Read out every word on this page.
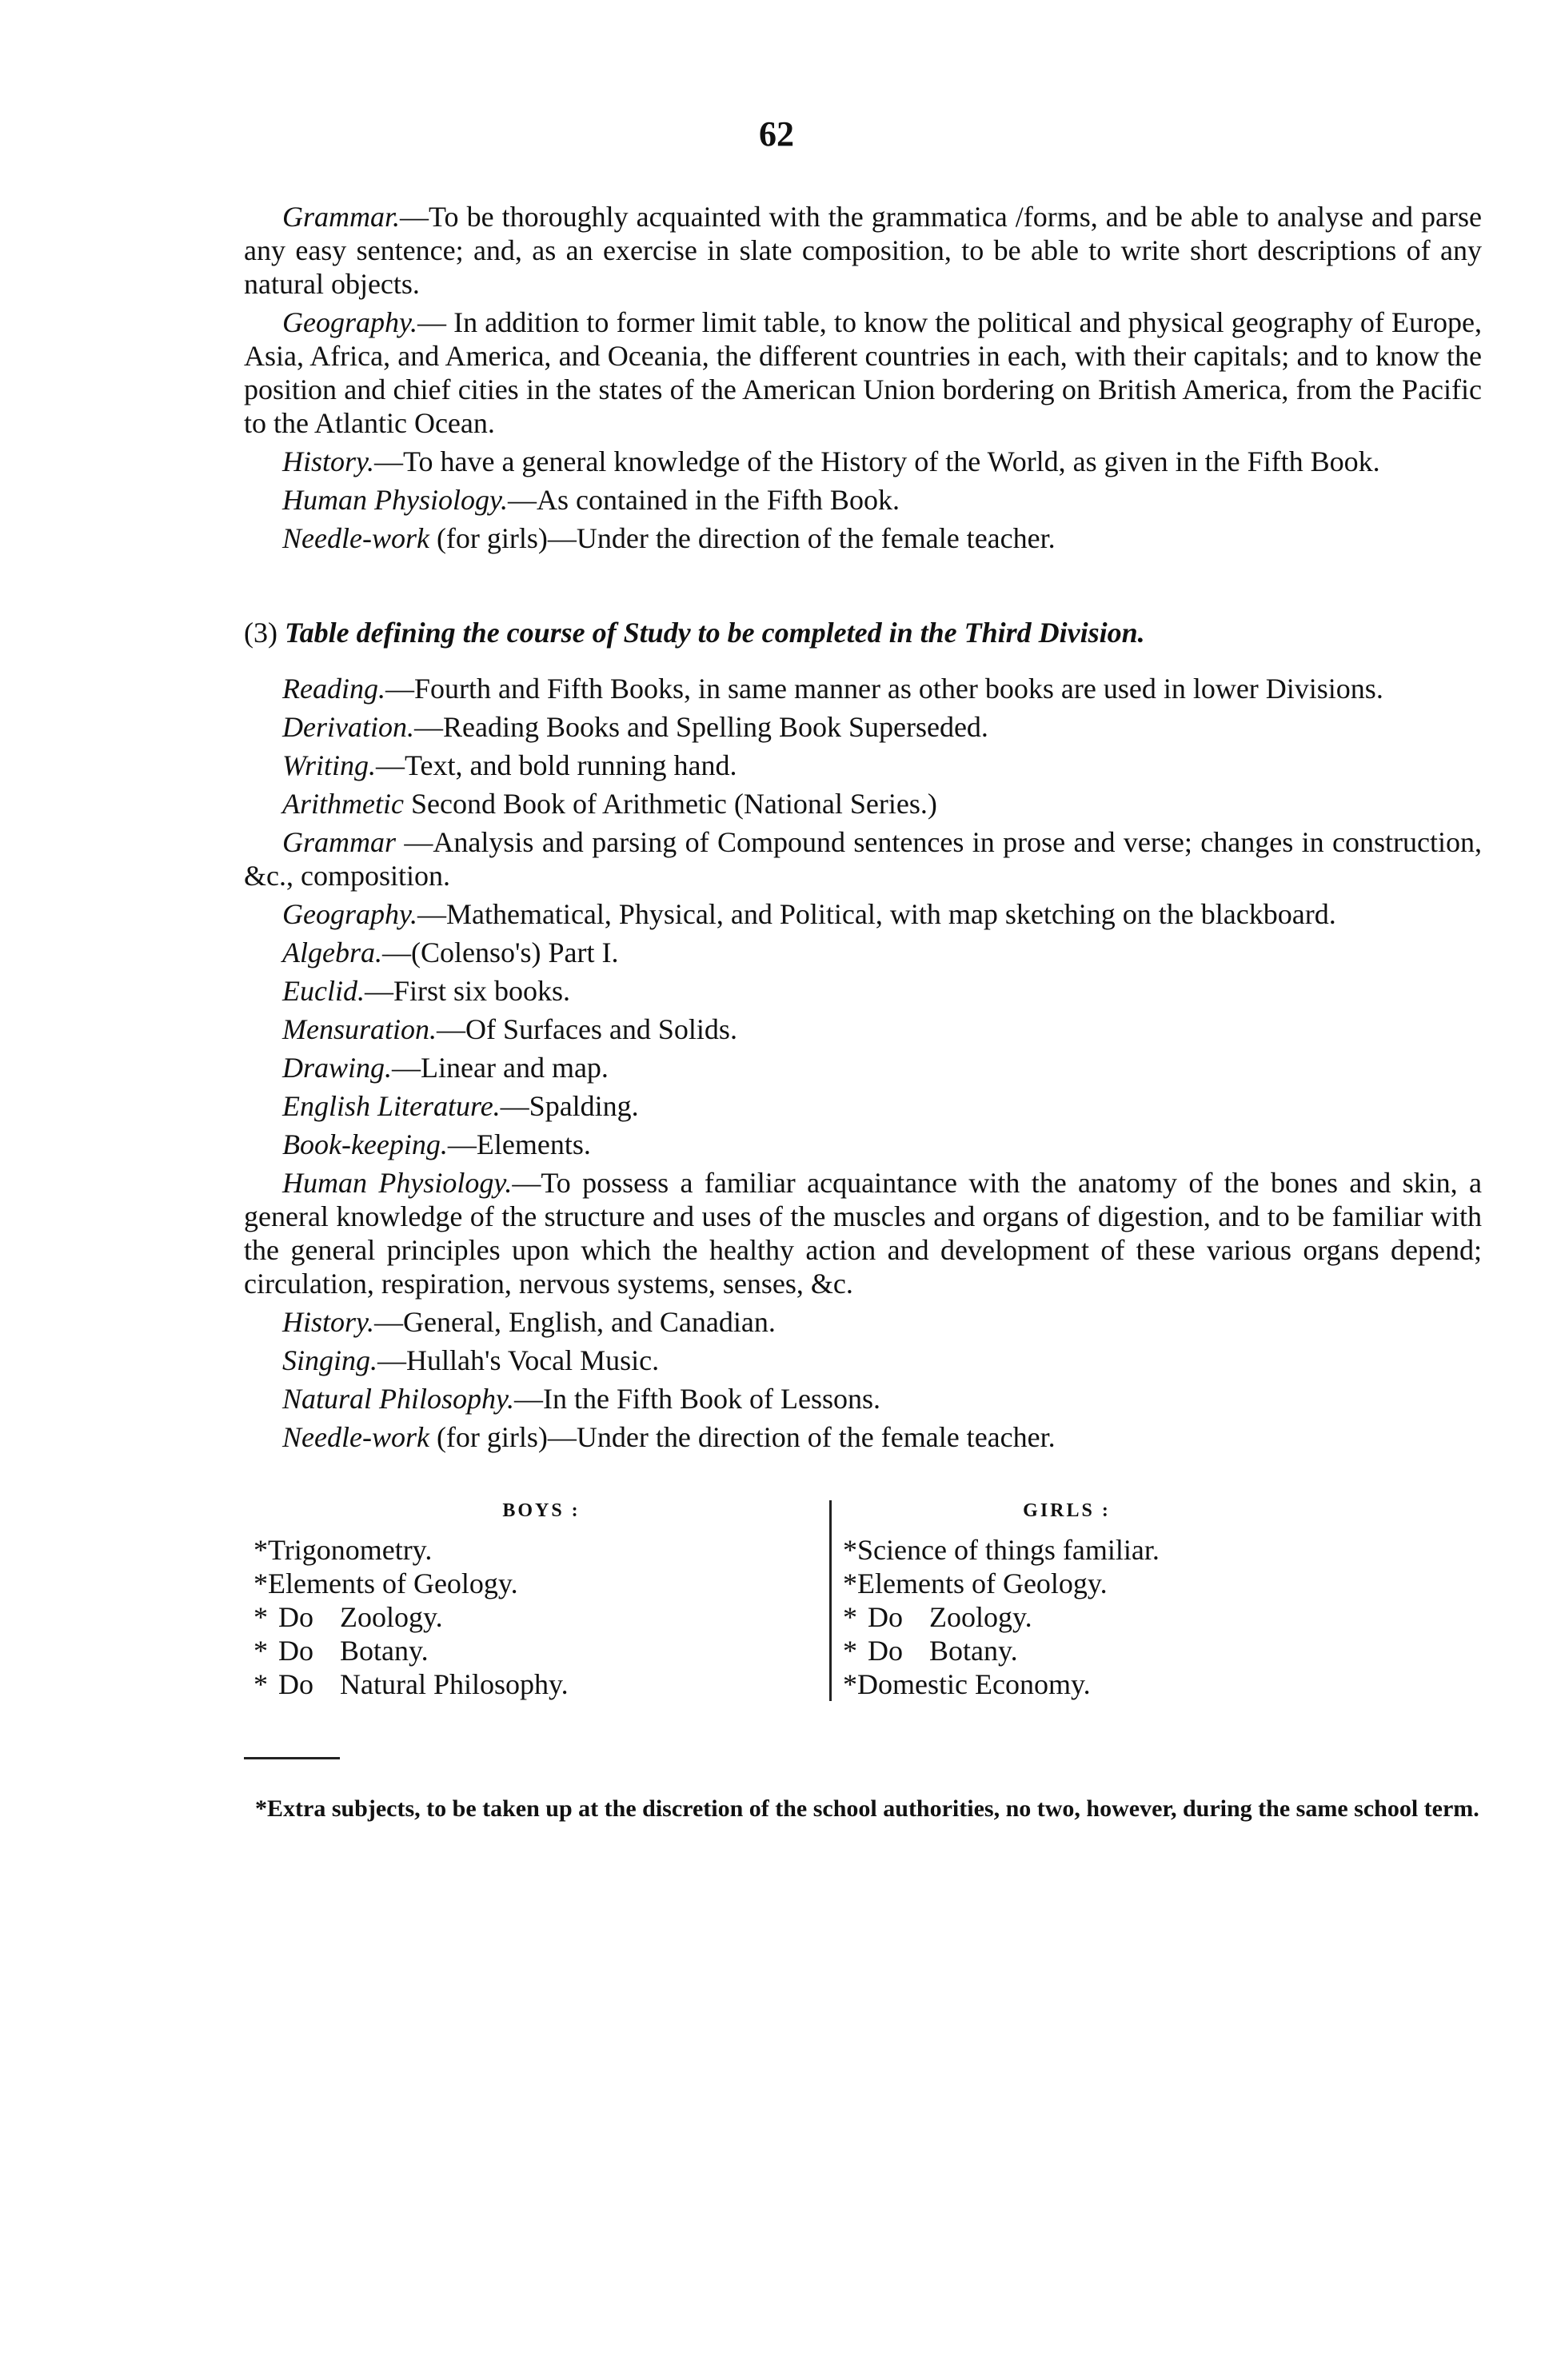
62

Grammar.—To be thoroughly acquainted with the grammatica /forms, and be able to analyse and parse any easy sentence; and, as an exercise in slate composition, to be able to write short descriptions of any natural objects.

Geography.— In addition to former limit table, to know the political and physical geography of Europe, Asia, Africa, and America, and Oceania, the different countries in each, with their capitals; and to know the position and chief cities in the states of the American Union bordering on British America, from the Pacific to the Atlantic Ocean.

History.—To have a general knowledge of the History of the World, as given in the Fifth Book.

Human Physiology.—As contained in the Fifth Book.

Needle-work (for girls)—Under the direction of the female teacher.

(3) Table defining the course of Study to be completed in the Third Division.

Reading.—Fourth and Fifth Books, in same manner as other books are used in lower Divisions.

Derivation.—Reading Books and Spelling Book Superseded.

Writing.—Text, and bold running hand.

Arithmetic Second Book of Arithmetic (National Series.)

Grammar —Analysis and parsing of Compound sentences in prose and verse; changes in construction, &c., composition.

Geography.—Mathematical, Physical, and Political, with map sketching on the blackboard.

Algebra.—(Colenso's) Part I.

Euclid.—First six books.

Mensuration.—Of Surfaces and Solids.

Drawing.—Linear and map.

English Literature.—Spalding.

Book-keeping.—Elements.

Human Physiology.—To possess a familiar acquaintance with the anatomy of the bones and skin, a general knowledge of the structure and uses of the muscles and organs of digestion, and to be familiar with the general principles upon which the healthy action and development of these various organs depend; circulation, respiration, nervous systems, senses, &c.

History.—General, English, and Canadian.

Singing.—Hullah's Vocal Music.

Natural Philosophy.—In the Fifth Book of Lessons.

Needle-work (for girls)—Under the direction of the female teacher.

BOYS :
*Trigonometry.
*Elements of Geology.
* Do Zoology.
* Do Botany.
* Do Natural Philosophy.
GIRLS :
*Science of things familiar.
*Elements of Geology.
* Do Zoology.
* Do Botany.
*Domestic Economy.

*Extra subjects, to be taken up at the discretion of the school authorities, no two, however, during the same school term.
